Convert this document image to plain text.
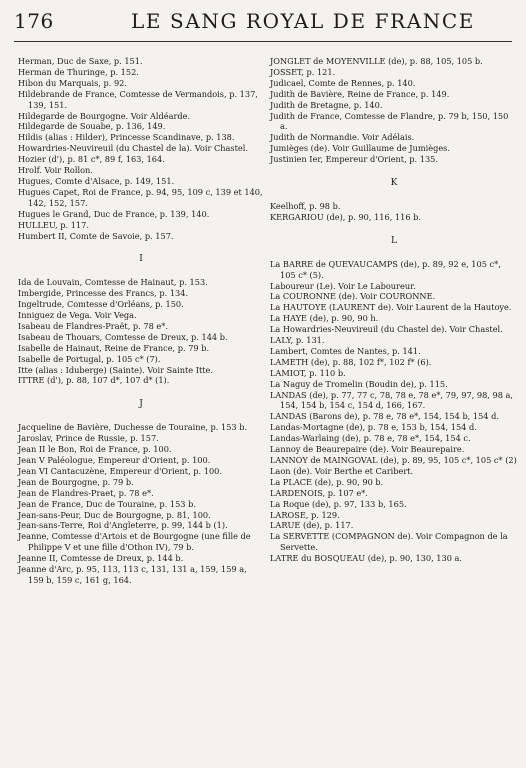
176	LE SANG ROYAL DE FRANCE

Herman, Duc de Saxe, p. 151.

Herman de Thuringe, p. 152.

Hibon du Marquais, p. 92.

Hildebrande de France, Comtesse de Vermandois, p. 137, 139, 151.

Hildegarde de Bourgogne. Voir Aldéarde.

Hildegarde de Souabe, p. 136, 149.

Hildis (alias : Hilder), Princesse Scandinave, p. 138.

Howardries-Neuvireuil (du Chastel de la). Voir Chastel.

Hozier (d'), p. 81 c*, 89 f, 163, 164.

Hrolf. Voir Rollon.

Hugues, Comte d'Alsace, p. 149, 151.

Hugues Capet, Roi de France, p. 94, 95, 109 c, 139 et 140, 142, 152, 157.

Hugues le Grand, Duc de France, p. 139, 140.

HULLEU, p. 117.

Humbert II, Comte de Savoie, p. 157.

I

Ida de Louvain, Comtesse de Hainaut, p. 153.

Imbergide, Princesse des Francs, p. 134.

Ingeltrude, Comtesse d'Orléans, p. 150.

Inniguez de Vega. Voir Vega.

Isabeau de Flandres-Praët, p. 78 e*.

Isabeau de Thouars, Comtesse de Dreux, p. 144 b.

Isabelle de Hainaut, Reine de France, p. 79 b.

Isabelle de Portugal, p. 105 c* (7).

Itte (alias : Iduberge) (Sainte). Voir Sainte Itte.

ITTRE (d'), p. 88, 107 d*, 107 d* (1).

J

Jacqueline de Bavière, Duchesse de Touraine, p. 153 b.

Jaroslav, Prince de Russie, p. 157.

Jean II le Bon, Roi de France, p. 100.

Jean V Paléologue, Empereur d'Orient, p. 100.

Jean VI Cantacuzène, Empereur d'Orient, p. 100.

Jean de Bourgogne, p. 79 b.

Jean de Flandres-Praet, p. 78 e*.

Jean de France, Duc de Touraine, p. 153 b.

Jean-sans-Peur, Duc de Bourgogne, p. 81, 100.

Jean-sans-Terre, Roi d'Angleterre, p. 99, 144 b (1).

Jeanne, Comtesse d'Artois et de Bourgogne (une fille de Philippe V et une fille d'Othon IV), 79 b.

Jeanne II, Comtesse de Dreux, p. 144 b.

Jeanne d'Arc, p. 95, 113, 113 c, 131, 131 a, 159, 159 a, 159 b, 159 c, 161 g, 164.

JONGLET de MOYENVILLE (de), p. 88, 105, 105 b.

JOSSET, p. 121.

Judicael, Comte de Rennes, p. 140.

Judith de Bavière, Reine de France, p. 149.

Judith de Bretagne, p. 140.

Judith de France, Comtesse de Flandre, p. 79 b, 150, 150 a.

Judith de Normandie. Voir Adélais.

Jumièges (de). Voir Guillaume de Jumièges.

Justinien Ier, Empereur d'Orient, p. 135.

K

Keelhoff, p. 98 b.

KERGARIOU (de), p. 90, 116, 116 b.

L

La BARRE de QUEVAUCAMPS (de), p. 89, 92 e, 105 c*, 105 c* (5).

Laboureur (Le). Voir Le Laboureur.

La COURONNE (de). Voir COURONNE.

La HAUTOYE (LAURENT de). Voir Laurent de la Hautoye.

La HAYE (de), p. 90, 90 h.

La Howardries-Neuvireuil (du Chastel de). Voir Chastel.

LALY, p. 131.

Lambert, Comtes de Nantes, p. 141.

LAMETH (de), p. 88, 102 f*, 102 f* (6).

LAMIOT, p. 110 b.

La Naguy de Tromelin (Boudin de), p. 115.

LANDAS (de), p. 77, 77 c, 78, 78 e, 78 e*, 79, 97, 98, 98 a, 154, 154 b, 154 c, 154 d, 166, 167.

LANDAS (Barons de), p. 78 e, 78 e*, 154, 154 b, 154 d.

Landas-Mortagne (de), p. 78 e, 153 b, 154, 154 d.

Landas-Warlaing (de), p. 78 e, 78 e*, 154, 154 c.

Lannoy de Beaurepaire (de). Voir Beaurepaire.

LANNOY de MAINGOVAL (de), p. 89, 95, 105 c*, 105 c* (2)

Laon (de). Voir Berthe et Caribert.

La PLACE (de), p. 90, 90 b.

LARDENOIS, p. 107 e*.

La Roque (de), p. 97, 133 b, 165.

LAROSE, p. 129.

LARUE (de), p. 117.

La SERVETTE (COMPAGNON de). Voir Compagnon de la Servette.

LATRE du BOSQUEAU (de), p. 90, 130, 130 a.
